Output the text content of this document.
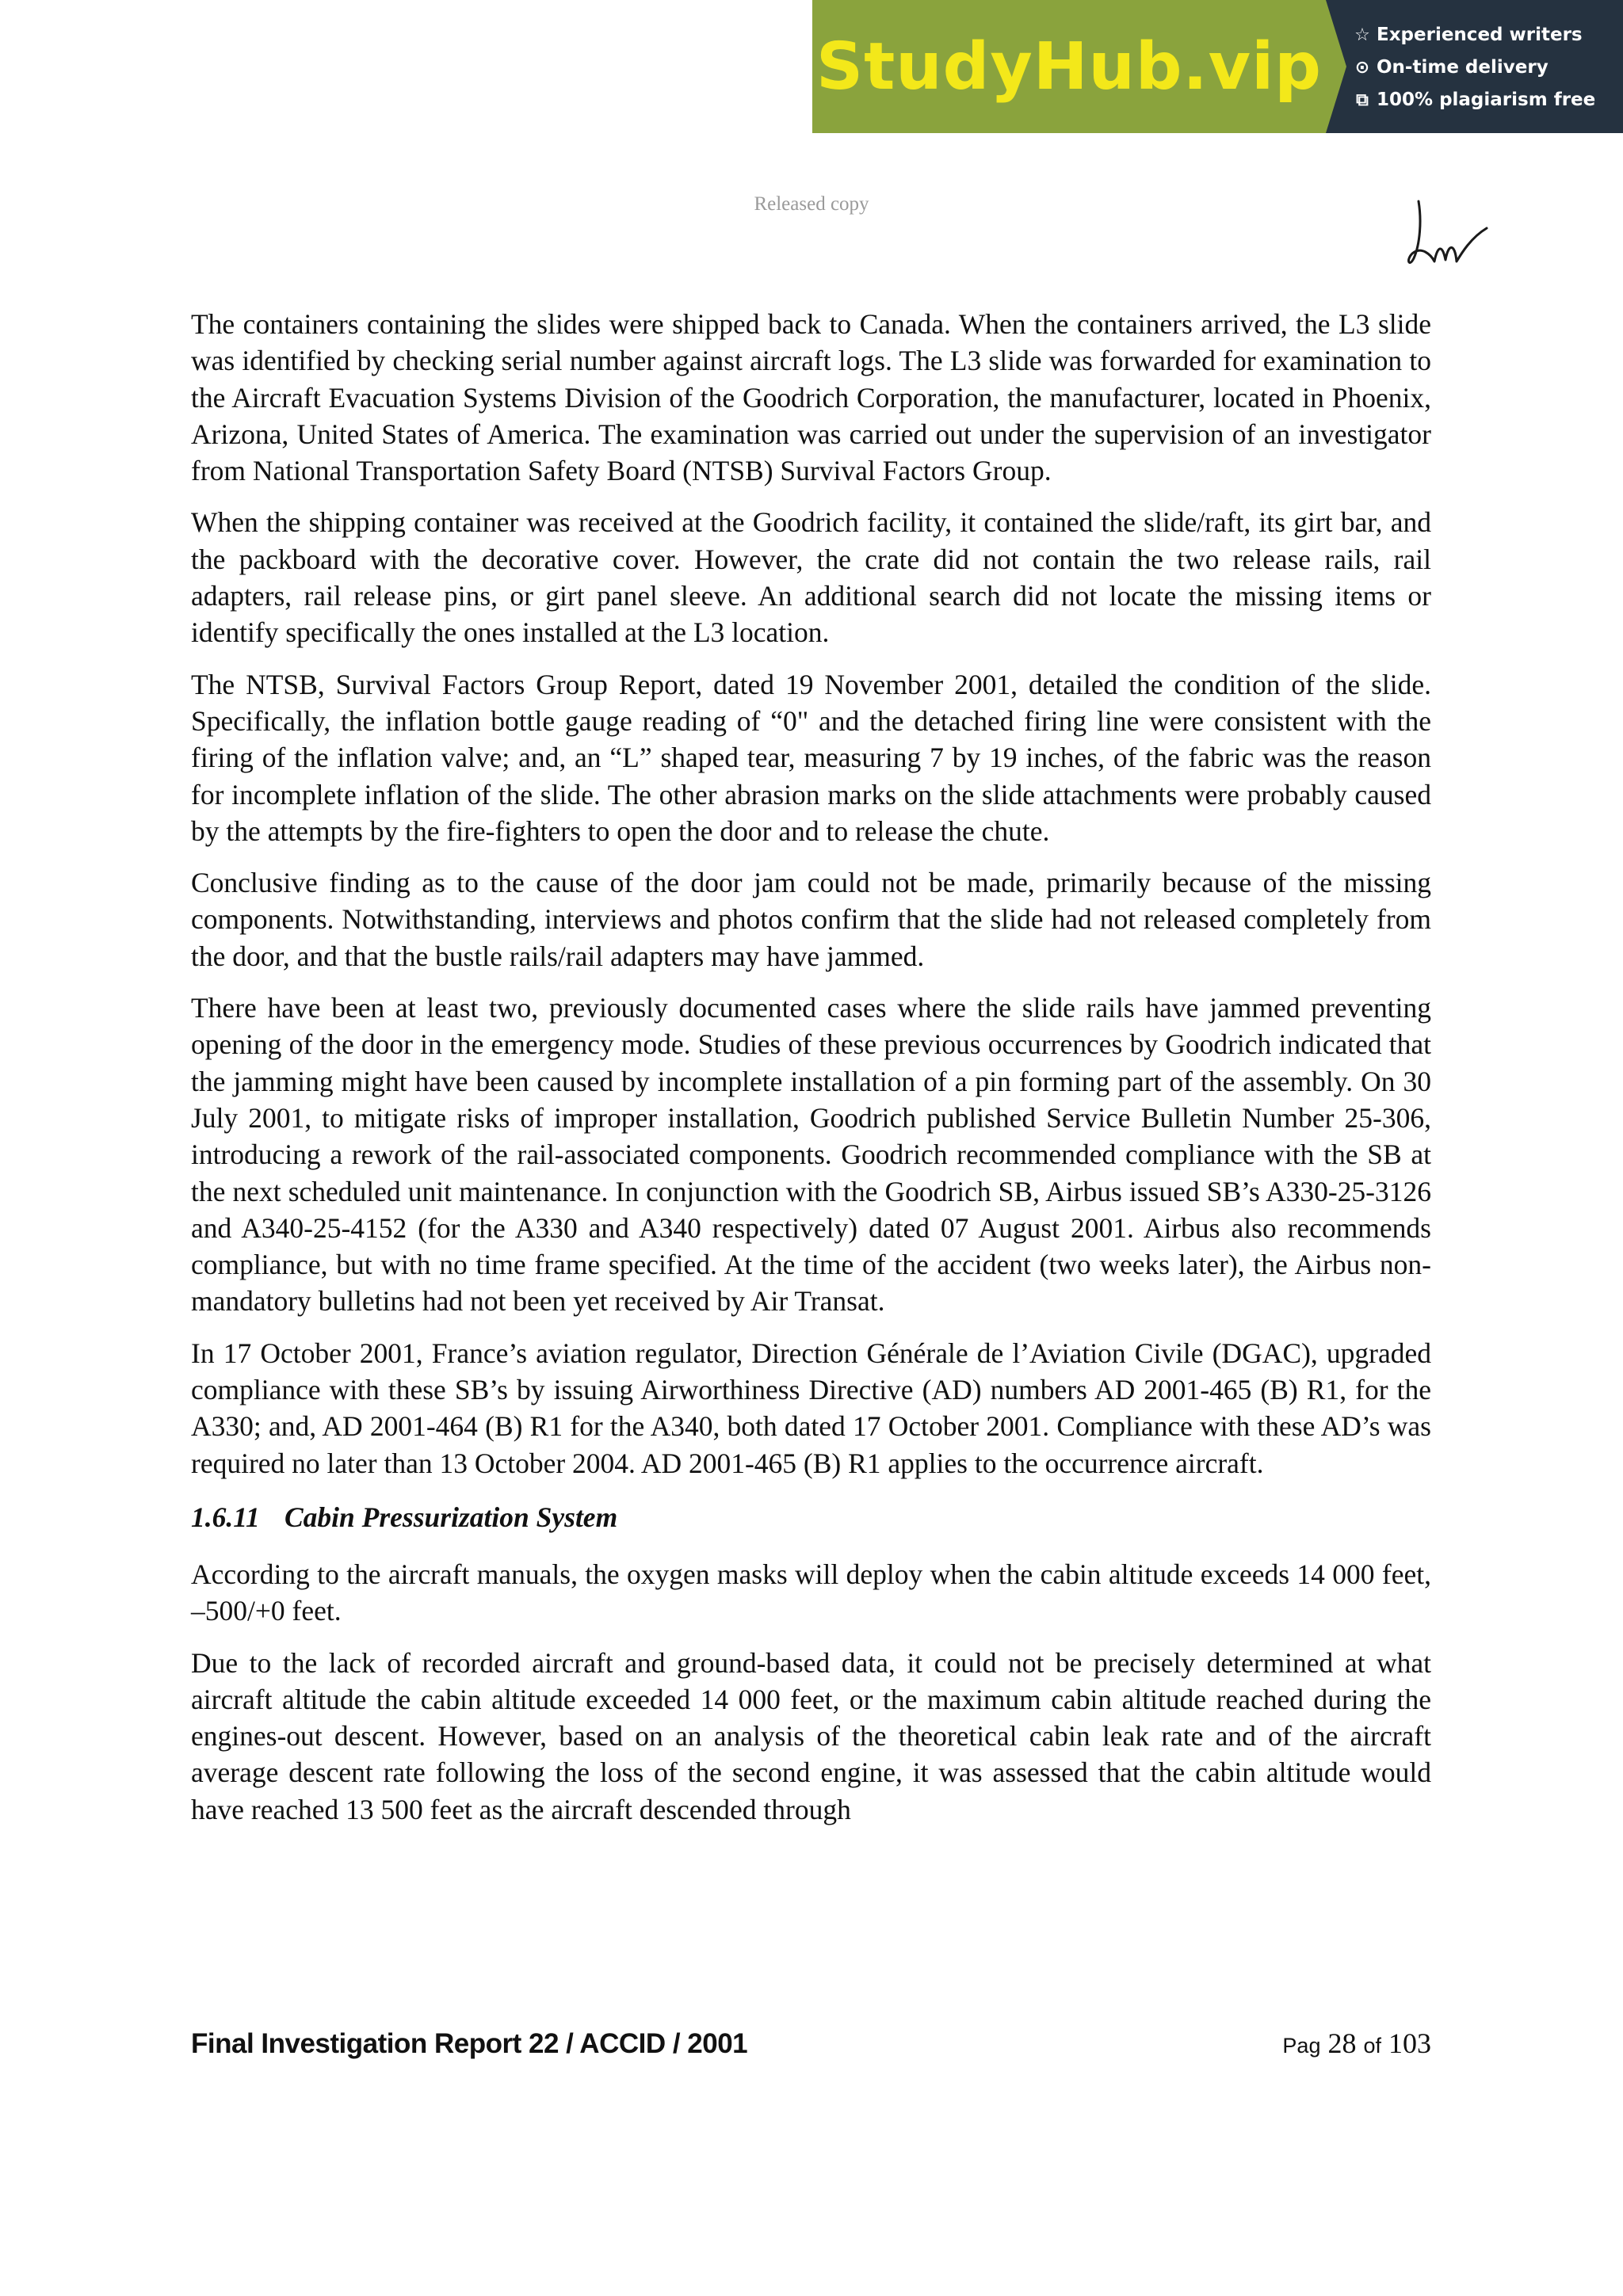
StudyHub.vip ☆ Experienced writers
⊙ On-time delivery
⧉ 100% plagiarism free
Released copy

The containers containing the slides were shipped back to Canada. When the containers arrived, the L3 slide was identified by checking serial number against aircraft logs. The L3 slide was forwarded for examination to the Aircraft Evacuation Systems Division of the Goodrich Corporation, the manufacturer, located in Phoenix, Arizona, United States of America. The examination was carried out under the supervision of an investigator from National Transportation Safety Board (NTSB) Survival Factors Group.

When the shipping container was received at the Goodrich facility, it contained the slide/raft, its girt bar, and the packboard with the decorative cover. However, the crate did not contain the two release rails, rail adapters, rail release pins, or girt panel sleeve. An additional search did not locate the missing items or identify specifically the ones installed at the L3 location.

The NTSB, Survival Factors Group Report, dated 19 November 2001, detailed the condition of the slide. Specifically, the inflation bottle gauge reading of “0" and the detached firing line were consistent with the firing of the inflation valve; and, an “L” shaped tear, measuring 7 by 19 inches, of the fabric was the reason for incomplete inflation of the slide. The other abrasion marks on the slide attachments were probably caused by the attempts by the fire-fighters to open the door and to release the chute.

Conclusive finding as to the cause of the door jam could not be made, primarily because of the missing components. Notwithstanding, interviews and photos confirm that the slide had not released completely from the door, and that the bustle rails/rail adapters may have jammed.

There have been at least two, previously documented cases where the slide rails have jammed preventing opening of the door in the emergency mode. Studies of these previous occurrences by Goodrich indicated that the jamming might have been caused by incomplete installation of a pin forming part of the assembly. On 30 July 2001, to mitigate risks of improper installation, Goodrich published Service Bulletin Number 25-306, introducing a rework of the rail-associated components. Goodrich recommended compliance with the SB at the next scheduled unit maintenance. In conjunction with the Goodrich SB, Airbus issued SB’s A330-25-3126 and A340-25-4152 (for the A330 and A340 respectively) dated 07 August 2001. Airbus also recommends compliance, but with no time frame specified. At the time of the accident (two weeks later), the Airbus non-mandatory bulletins had not been yet received by Air Transat.

In 17 October 2001, France’s aviation regulator, Direction Générale de l’Aviation Civile (DGAC), upgraded compliance with these SB’s by issuing Airworthiness Directive (AD) numbers AD 2001-465 (B) R1, for the A330; and, AD 2001-464 (B) R1 for the A340, both dated 17 October 2001. Compliance with these AD’s was required no later than 13 October 2004. AD 2001-465 (B) R1 applies to the occurrence aircraft.

1.6.11 Cabin Pressurization System

According to the aircraft manuals, the oxygen masks will deploy when the cabin altitude exceeds 14 000 feet, –500/+0 feet.

Due to the lack of recorded aircraft and ground-based data, it could not be precisely determined at what aircraft altitude the cabin altitude exceeded 14 000 feet, or the maximum cabin altitude reached during the engines-out descent. However, based on an analysis of the theoretical cabin leak rate and of the aircraft average descent rate following the loss of the second engine, it was assessed that the cabin altitude would have reached 13 500 feet as the aircraft descended through

Final Investigation Report 22 / ACCID / 2001	Pag 28 of 103
